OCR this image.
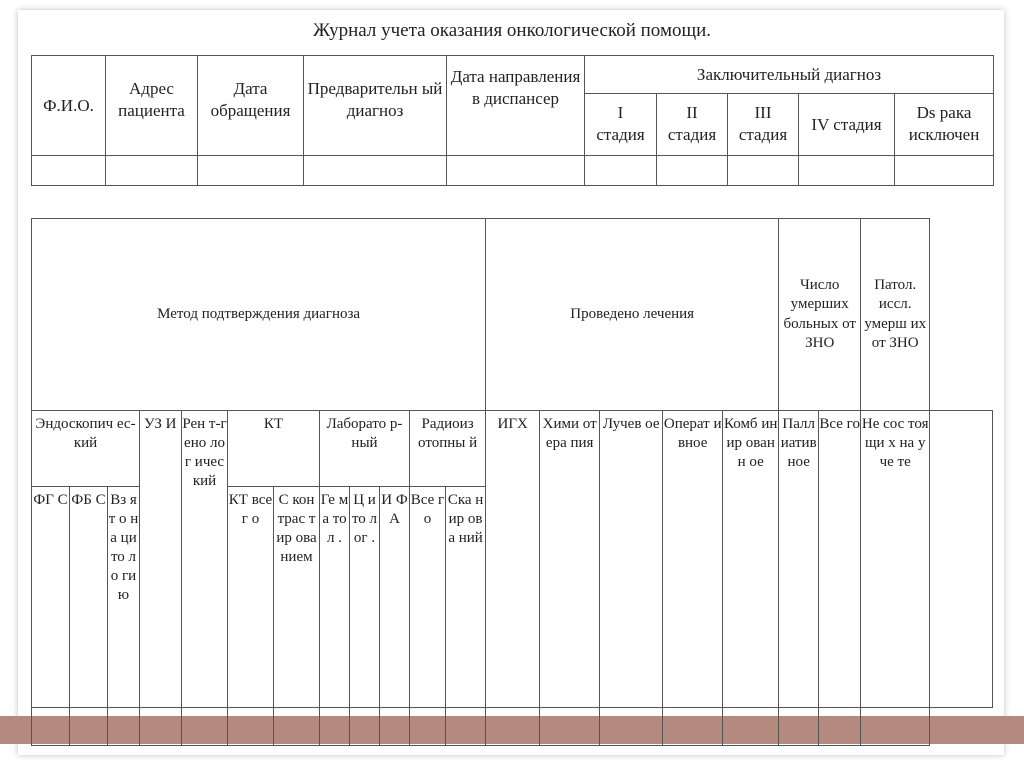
Журнал учета оказания онкологической помощи.
Ф.И.О.	Адрес пациента	Дата обращения	Предварительн ый диагноз	Дата направления в диспансер	Заключительный диагноз				
					I стадия	II стадия	III стадия	IV стадия	Ds рака исключен

Метод подтверждения диагноза												Проведено лечения					Число умерших больных от ЗНО		Патол. исcл. умерш их от ЗНО	
Эндоскопич ес-кий			УЗ И	Рен т-гено лог ичес кий	КТ		Лаборато р-ный			Радиоиз отопны й		ИГХ	Хими отера пия	Лучев ое	Операт ивное	Комб инир ованн ое	Палл иатив ное	Все го	Не сос тоя щи х на уче те	
ФГ С	ФБ С	Вз ят о на ци то ло ги ю			КТ всег о	С кон трас тир ова нием	Ге ма тол .	Ц и то л ог .	И Ф А	Все го	Ска нир ова ний									
